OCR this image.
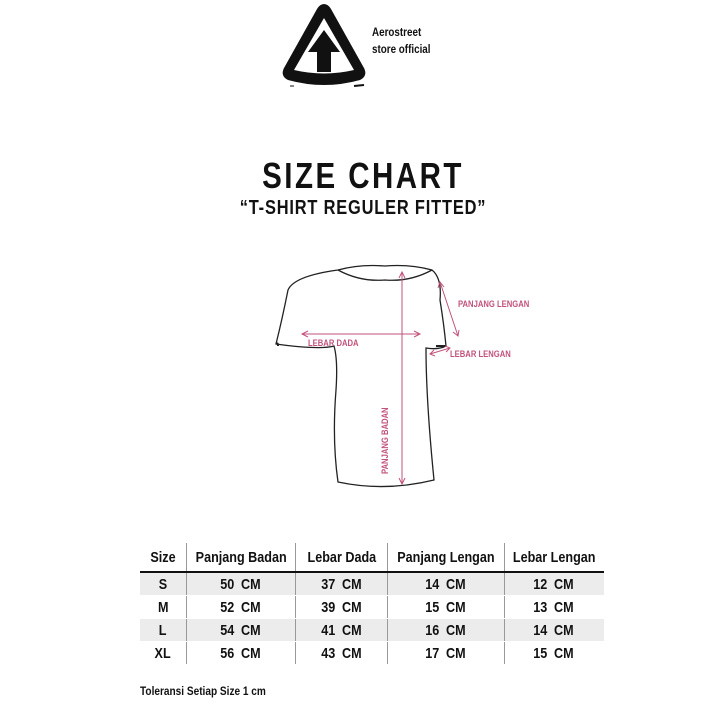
Aerostreet
store official
SIZE CHART
“T-SHIRT REGULER FITTED”
PANJANG LENGAN
LEBAR LENGAN
LEBAR DADA
PANJANG BADAN
Size	Panjang Badan	Lebar Dada	Panjang Lengan	Lebar Lengan
S	50 CM	37 CM	14 CM	12 CM
M	52 CM	39 CM	15 CM	13 CM
L	54 CM	41 CM	16 CM	14 CM
XL	56 CM	43 CM	17 CM	15 CM
Toleransi Setiap Size 1 cm
